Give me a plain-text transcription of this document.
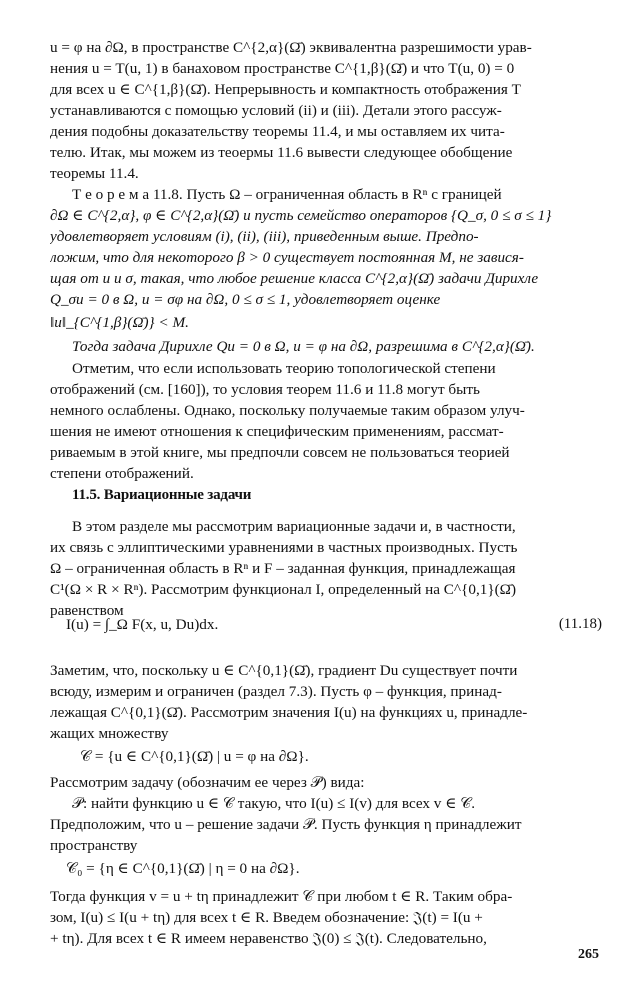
u = φ на ∂Ω, в пространстве C^{2,α}(Ω̄) эквивалентна разрешимости урав-
нения u = T(u, 1) в банаховом пространстве C^{1,β}(Ω̄) и что T(u, 0) = 0
для всех u ∈ C^{1,β}(Ω̄). Непрерывность и компактность отображения T
устанавливаются с помощью условий (ii) и (iii). Детали этого рассуж-
дения подобны доказательству теоремы 11.4, и мы оставляем их чита-
телю. Итак, мы можем из теоермы 11.6 вывести следующее обобщение
теоремы 11.4.
Т е о р е м а 11.8. Пусть Ω – ограниченная область в Rⁿ с границей
∂Ω ∈ C^{2,α}, φ ∈ C^{2,α}(Ω̄) и пусть семейство операторов {Q_σ, 0 ≤ σ ≤ 1}
удовлетворяет условиям (i), (ii), (iii), приведенным выше. Предпо-
ложим, что для некоторого β > 0 существует постоянная M, не завися-
щая от u и σ, такая, что любое решение класса C^{2,α}(Ω̄) задачи Дирихле
Q_σu = 0 в Ω, u = σφ на ∂Ω, 0 ≤ σ ≤ 1, удовлетворяет оценке
‖u‖_{C^{1,β}(Ω̄)} < M.
Тогда задача Дирихле Qu = 0 в Ω, u = φ на ∂Ω, разрешима в C^{2,α}(Ω̄).
Отметим, что если использовать теорию топологической степени
отображений (см. [160]), то условия теорем 11.6 и 11.8 могут быть
немного ослаблены. Однако, поскольку получаемые таким образом улуч-
шения не имеют отношения к специфическим применениям, рассмат-
риваемым в этой книге, мы предпочли совсем не пользоваться теорией
степени отображений.
11.5. Вариационные задачи
В этом разделе мы рассмотрим вариационные задачи и, в частности,
их связь с эллиптическими уравнениями в частных производных. Пусть
Ω – ограниченная область в Rⁿ и F – заданная функция, принадлежащая
C¹(Ω × R × Rⁿ). Рассмотрим функционал I, определенный на C^{0,1}(Ω̄)
равенством
I(u) = ∫_Ω F(x, u, Du)dx.	(11.18)
Заметим, что, поскольку u ∈ C^{0,1}(Ω̄), градиент Du существует почти
всюду, измерим и ограничен (раздел 7.3). Пусть φ – функция, принад-
лежащая C^{0,1}(Ω̄). Рассмотрим значения I(u) на функциях u, принадле-
жащих множеству
𝒞 = {u ∈ C^{0,1}(Ω̄) | u = φ на ∂Ω}.
Рассмотрим задачу (обозначим ее через 𝒫) вида:
𝒫: найти функцию u ∈ 𝒞 такую, что I(u) ≤ I(v) для всех v ∈ 𝒞.
Предположим, что u – решение задачи 𝒫. Пусть функция η принадлежит
пространству
𝒞₀ = {η ∈ C^{0,1}(Ω̄) | η = 0 на ∂Ω}.
Тогда функция v = u + tη принадлежит 𝒞 при любом t ∈ R. Таким обра-
зом, I(u) ≤ I(u + tη) для всех t ∈ R. Введем обозначение: 𝔍(t) = I(u +
+ tη). Для всех t ∈ R имеем неравенство 𝔍(0) ≤ 𝔍(t). Следовательно,
265
